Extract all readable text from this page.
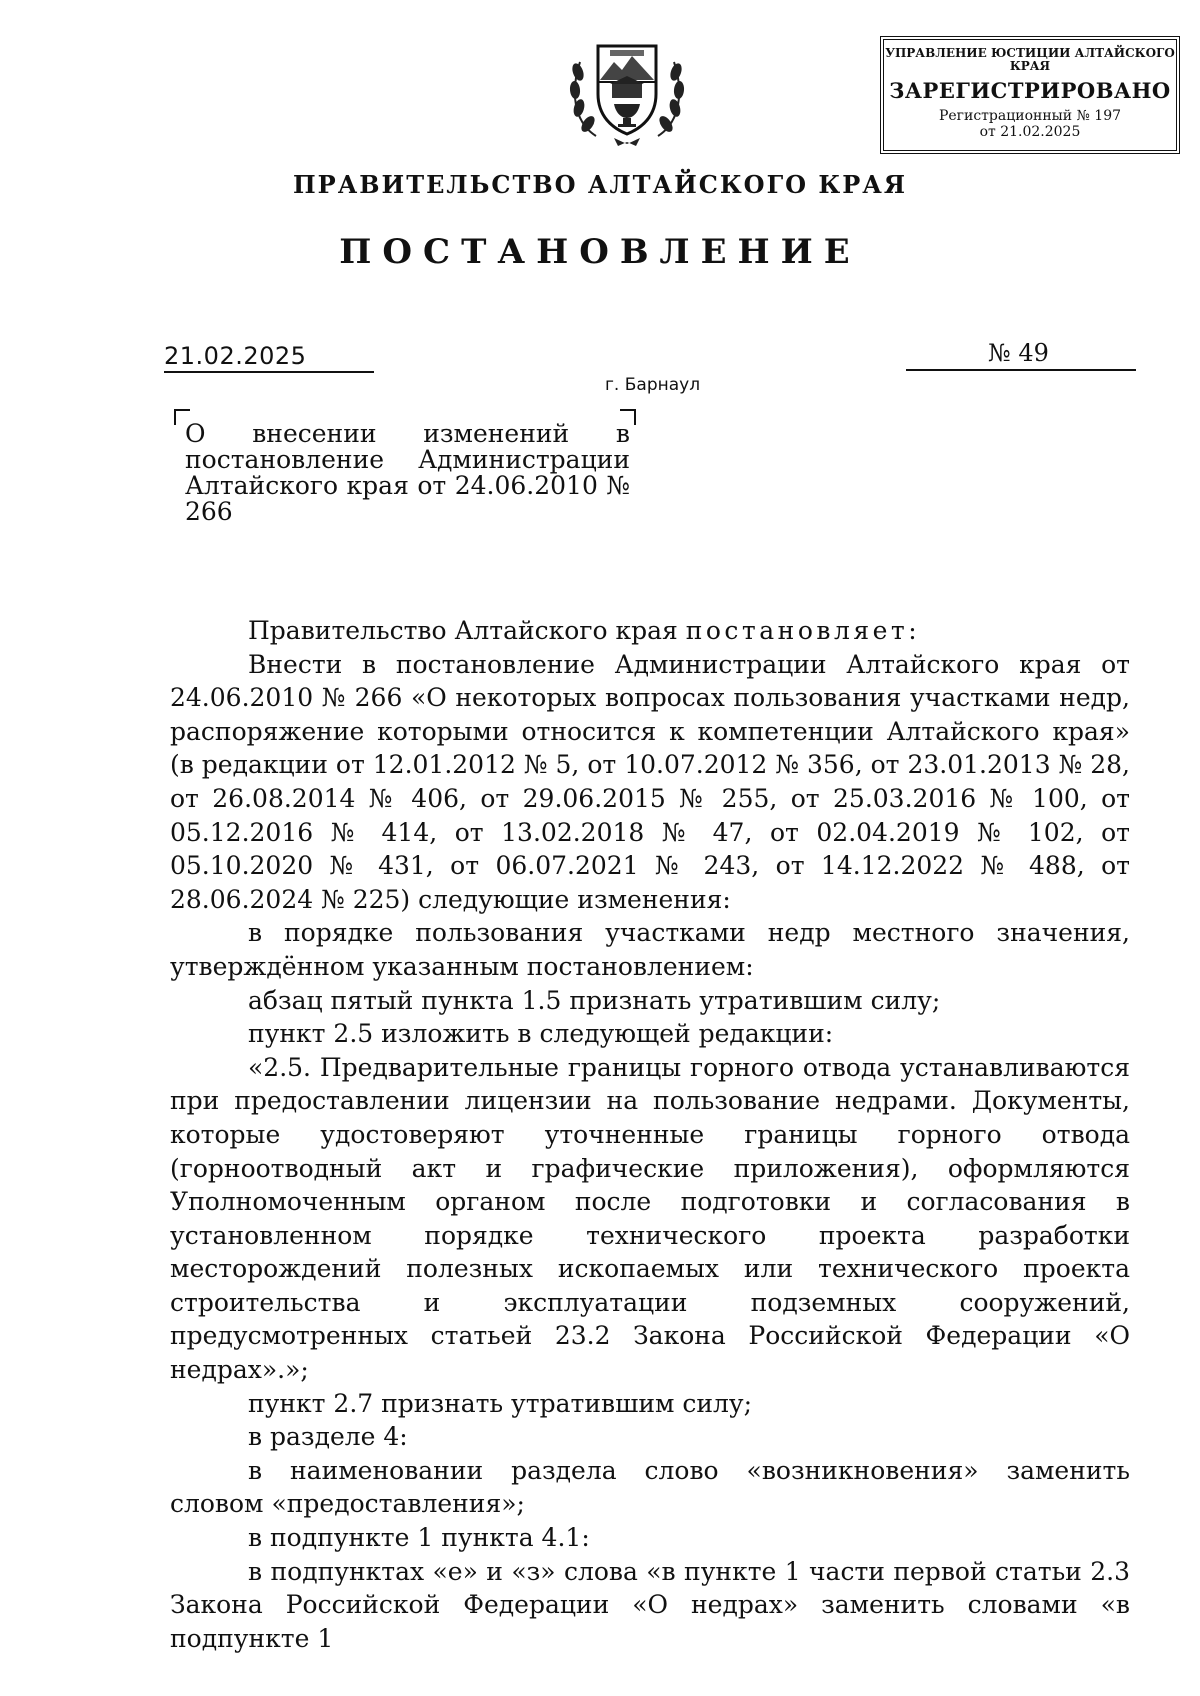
УПРАВЛЕНИЕ ЮСТИЦИИ АЛТАЙСКОГО КРАЯ
ЗАРЕГИСТРИРОВАНО
Регистрационный № 197
от 21.02.2025
ПРАВИТЕЛЬСТВО АЛТАЙСКОГО КРАЯ
ПОСТАНОВЛЕНИЕ
21.02.2025	№ 49
г. Барнаул
О внесении изменений в постановление Администрации Алтайского края от 24.06.2010 № 266

Правительство Алтайского края постановляет:

Внести в постановление Администрации Алтайского края от 24.06.2010 № 266 «О некоторых вопросах пользования участками недр, распоряжение которыми относится к компетенции Алтайского края» (в редакции от 12.01.2012 № 5, от 10.07.2012 № 356, от 23.01.2013 № 28, от 26.08.2014 № 406, от 29.06.2015 № 255, от 25.03.2016 № 100, от 05.12.2016 № 414, от 13.02.2018 № 47, от 02.04.2019 № 102, от 05.10.2020 № 431, от 06.07.2021 № 243, от 14.12.2022 № 488, от 28.06.2024 № 225) следующие изменения:

в порядке пользования участками недр местного значения, утверждённом указанным постановлением:

абзац пятый пункта 1.5 признать утратившим силу;

пункт 2.5 изложить в следующей редакции:

«2.5. Предварительные границы горного отвода устанавливаются при предоставлении лицензии на пользование недрами. Документы, которые удостоверяют уточненные границы горного отвода (горноотводный акт и графические приложения), оформляются Уполномоченным органом после подготовки и согласования в установленном порядке технического проекта разработки месторождений полезных ископаемых или технического проекта строительства и эксплуатации подземных сооружений, предусмотренных статьей 23.2 Закона Российской Федерации «О недрах».»;

пункт 2.7 признать утратившим силу;

в разделе 4:

в наименовании раздела слово «возникновения» заменить словом «предоставления»;

в подпункте 1 пункта 4.1:

в подпунктах «е» и «з» слова «в пункте 1 части первой статьи 2.3 Закона Российской Федерации «О недрах» заменить словами «в подпункте 1
